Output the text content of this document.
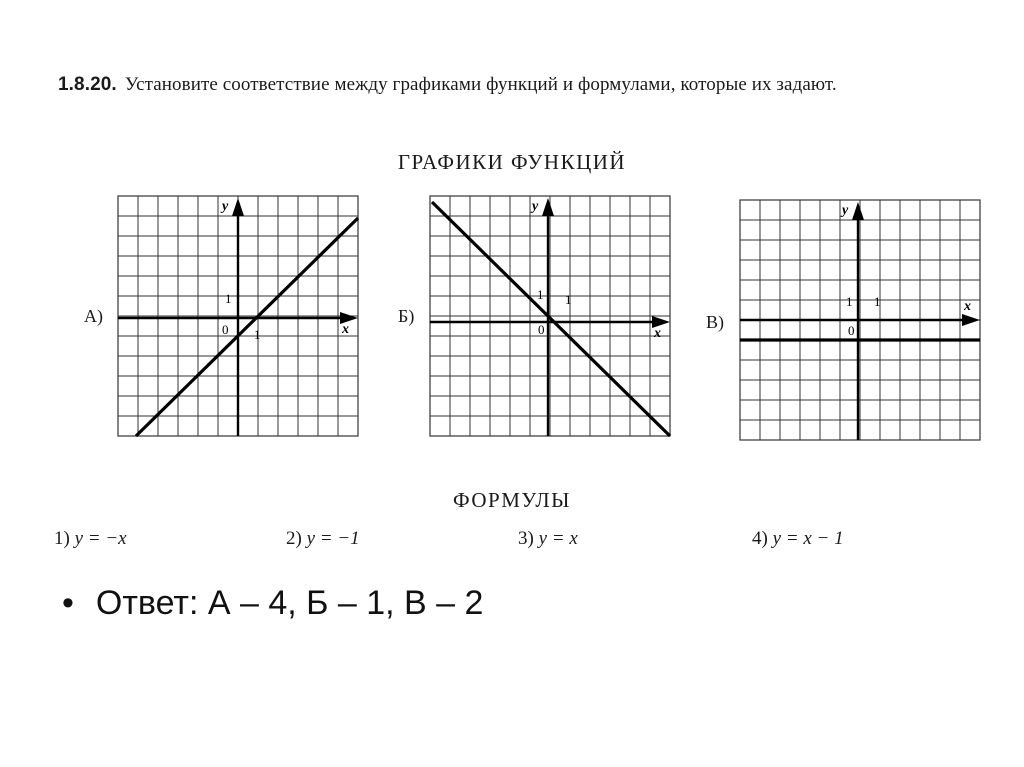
1.8.20. Установите соответствие между графиками функций и формулами, которые их задают.
ГРАФИКИ ФУНКЦИЙ
А)
0
1
1
y
x
Б)
0
1 1
y
x
В)	0
1 1
y
x
ФОРМУЛЫ
1) y = −x	2) y = −1	3) y = x	4) y = x − 1
• Ответ: А – 4, Б – 1, В – 2
